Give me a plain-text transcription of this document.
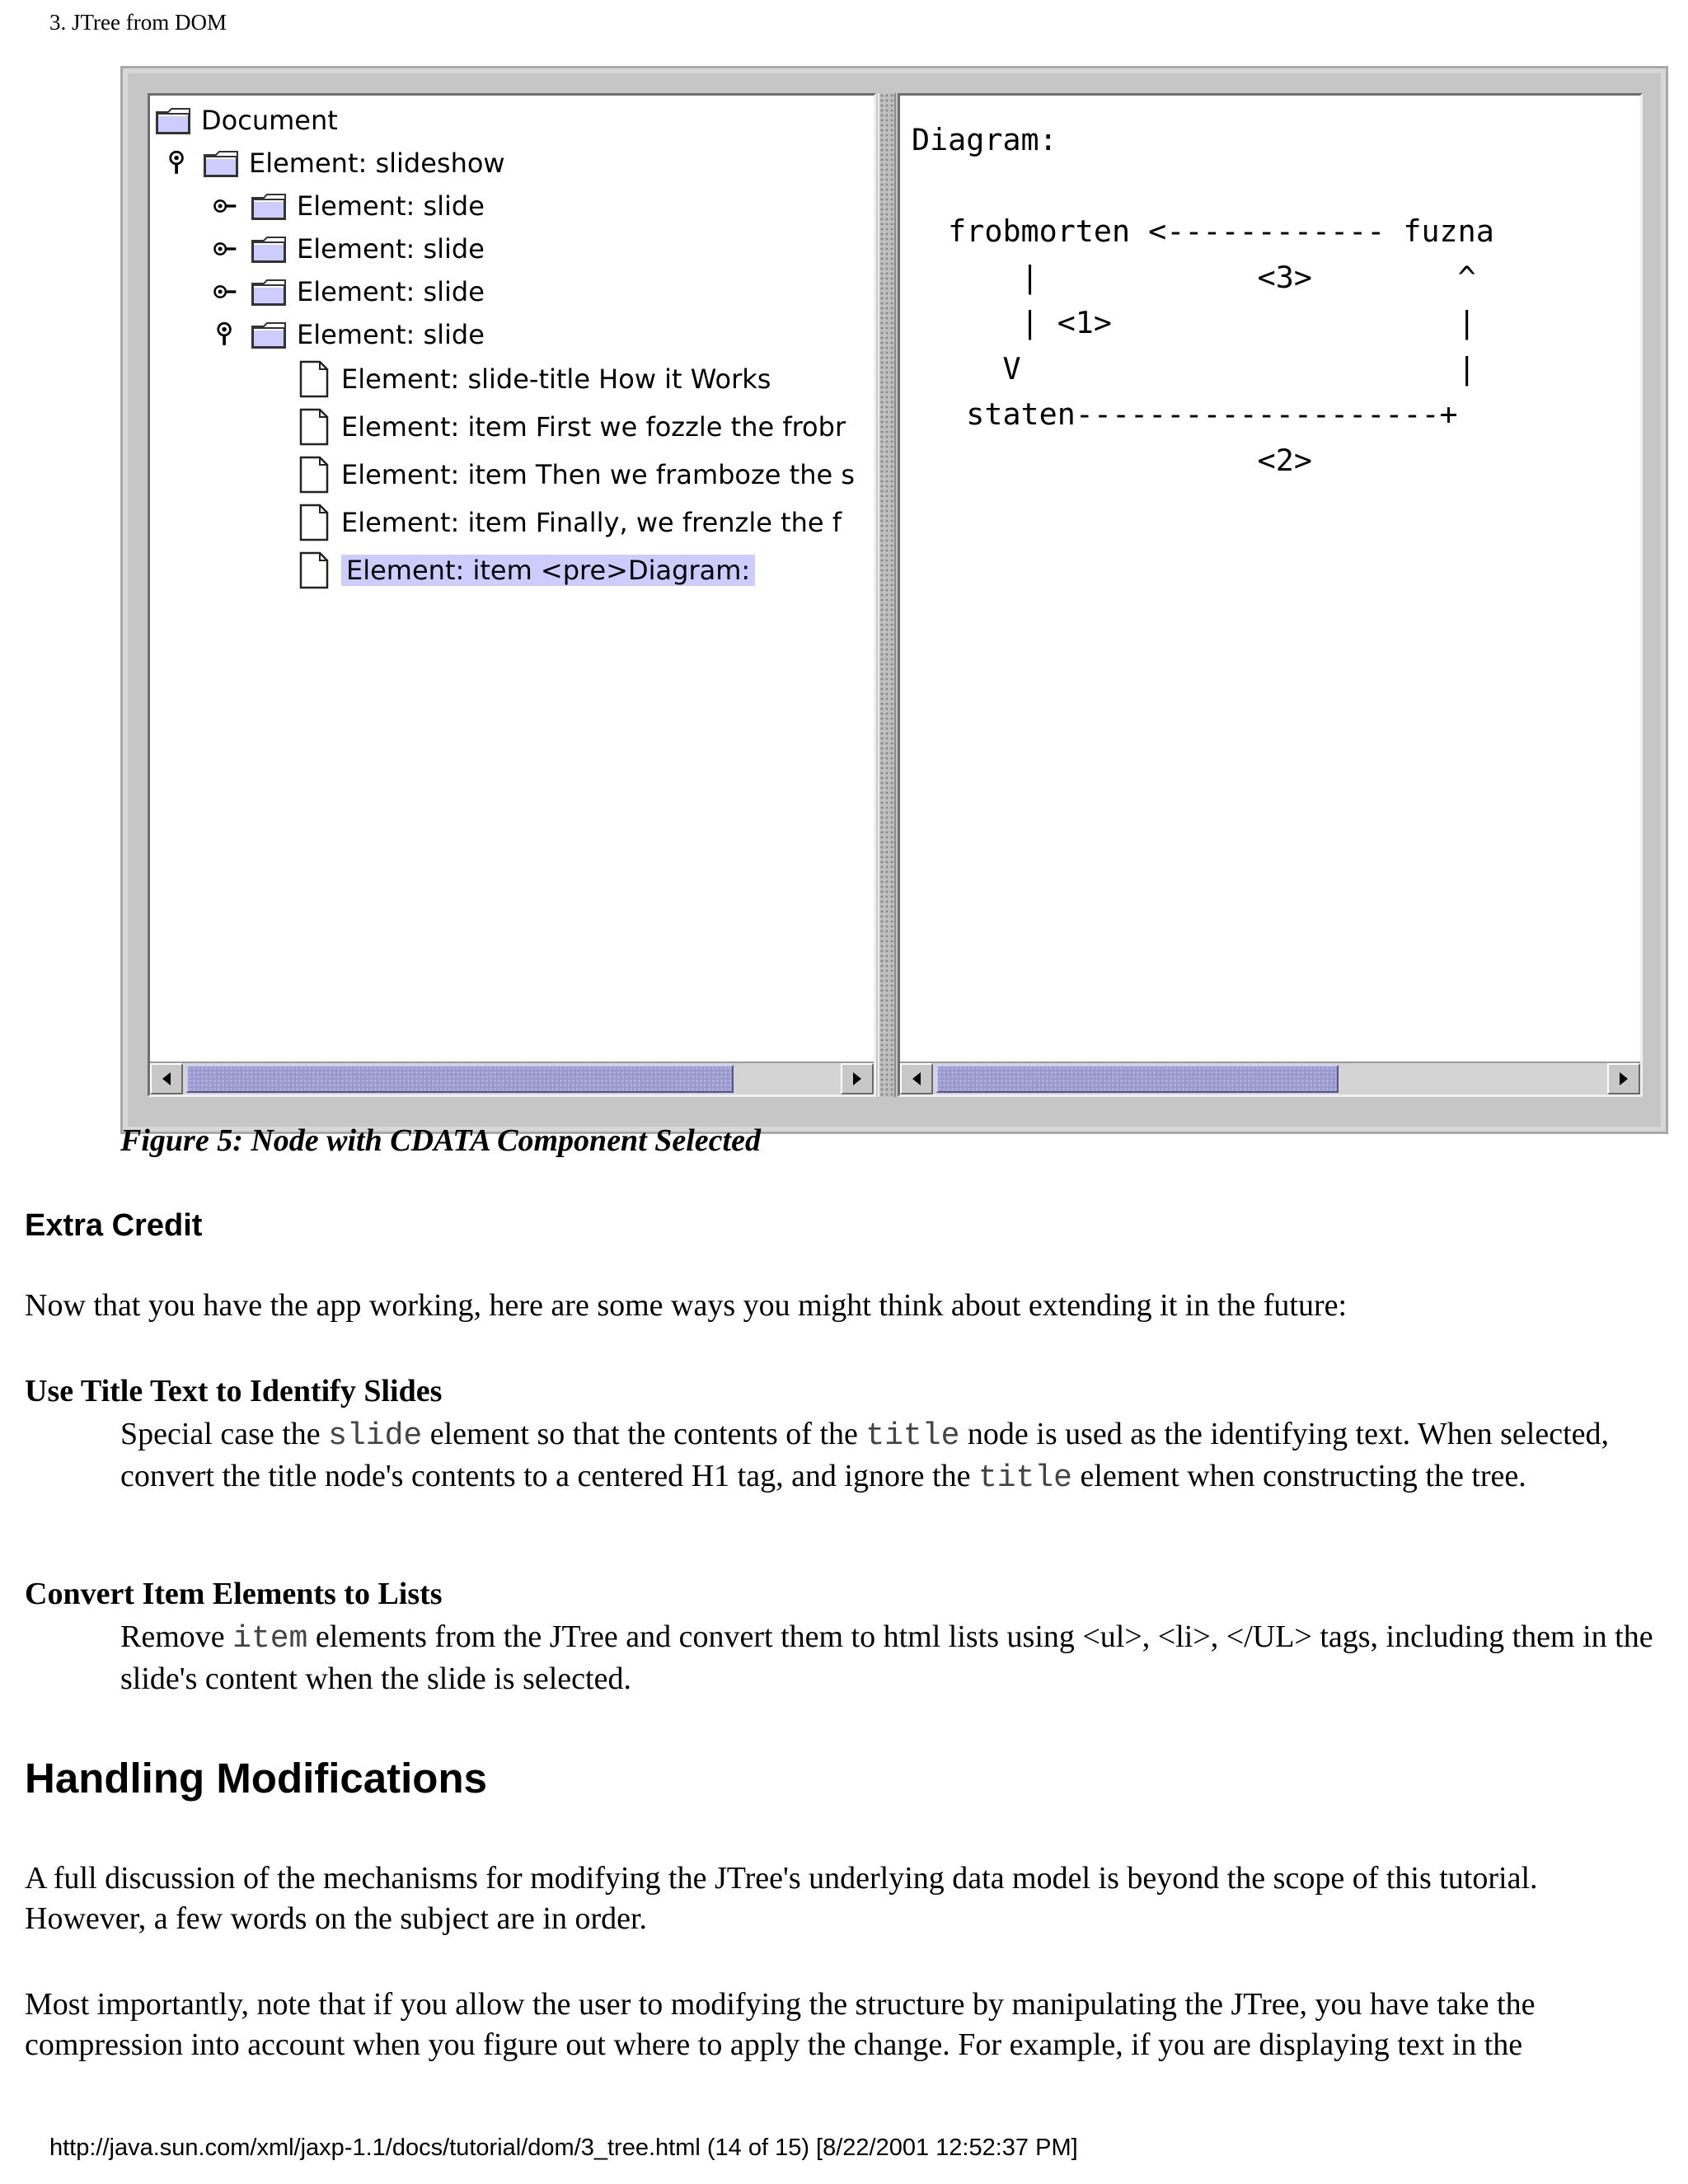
3. JTree from DOM
Document
Element: slideshow
Element: slide
Element: slide
Element: slide
Element: slide
Element: slide-title How it Works
Element: item First we fozzle the frobr
Element: item Then we framboze the s
Element: item Finally, we frenzle the f
Element: item <pre>Diagram:
Diagram:

frobmorten <------------ fuzna
|            <3>        ^
| <1>                   |
V                        |
staten--------------------+
<2>
Figure 5: Node with CDATA Component Selected
Extra Credit
Now that you have the app working, here are some ways you might think about extending it in the future:
Use Title Text to Identify Slides
Special case the slide element so that the contents of the title node is used as the identifying text. When selected, convert the title node's contents to a centered H1 tag, and ignore the title element when constructing the tree.
Convert Item Elements to Lists
Remove item elements from the JTree and convert them to html lists using <ul>, <li>, </UL> tags, including them in the slide's content when the slide is selected.
Handling Modifications
A full discussion of the mechanisms for modifying the JTree's underlying data model is beyond the scope of this tutorial. However, a few words on the subject are in order.
Most importantly, note that if you allow the user to modifying the structure by manipulating the JTree, you have take the compression into account when you figure out where to apply the change. For example, if you are displaying text in the
http://java.sun.com/xml/jaxp-1.1/docs/tutorial/dom/3_tree.html (14 of 15) [8/22/2001 12:52:37 PM]
